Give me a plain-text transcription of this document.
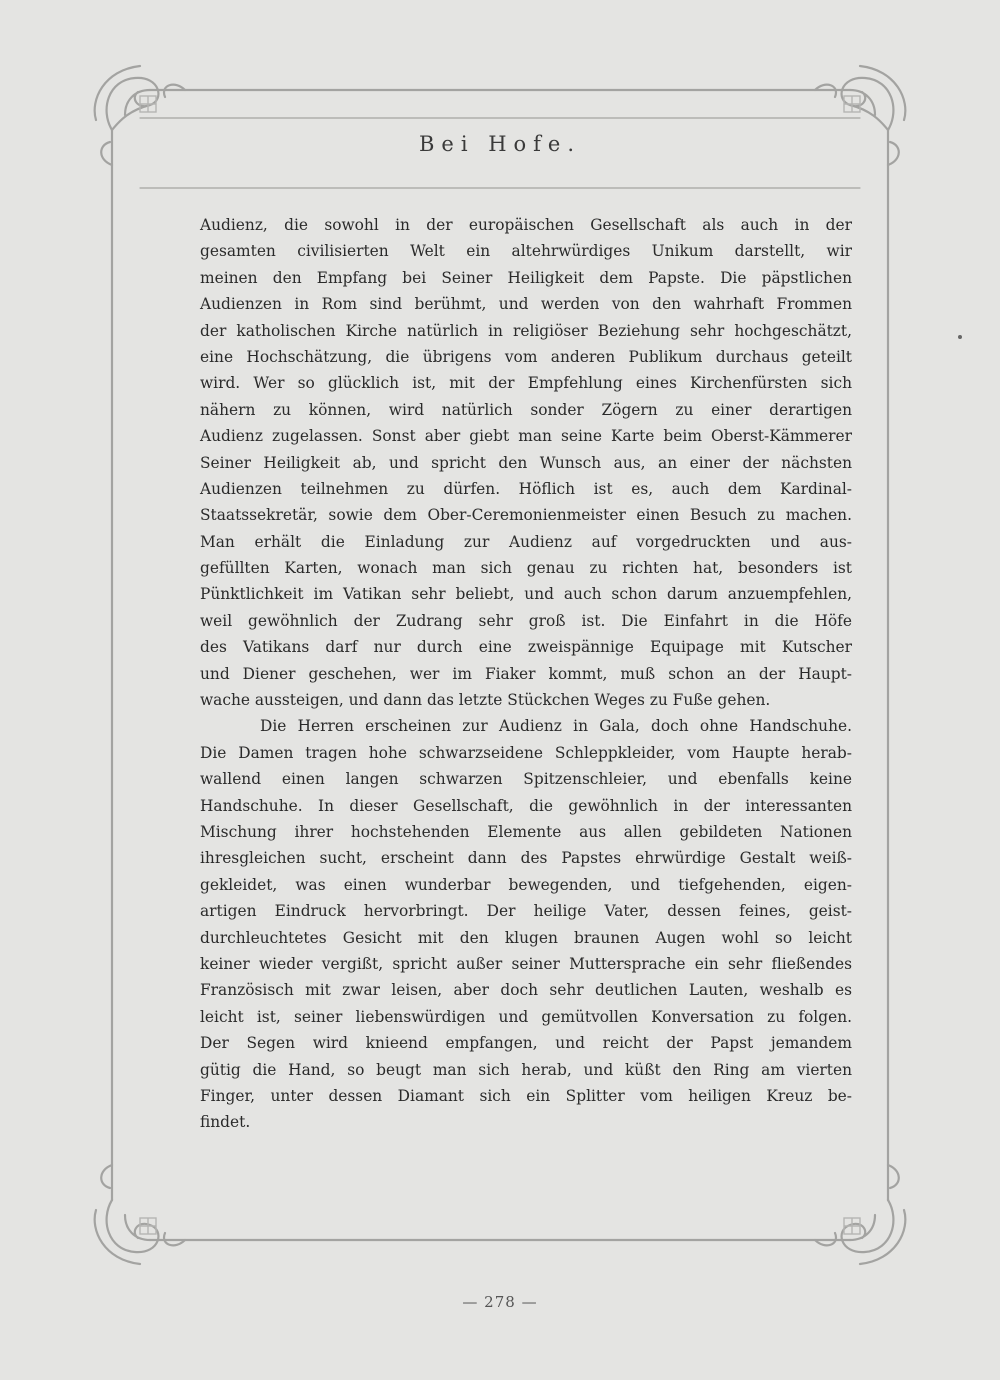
Bei Hofe.
Audienz, die sowohl in der europäischen Gesellschaft als auch in der
gesamten civilisierten Welt ein altehrwürdiges Unikum darstellt, wir
meinen den Empfang bei Seiner Heiligkeit dem Papste. Die päpstlichen
Audienzen in Rom sind berühmt, und werden von den wahrhaft Frommen
der katholischen Kirche natürlich in religiöser Beziehung sehr hochgeschätzt,
eine Hochschätzung, die übrigens vom anderen Publikum durchaus geteilt
wird. Wer so glücklich ist, mit der Empfehlung eines Kirchenfürsten sich
nähern zu können, wird natürlich sonder Zögern zu einer derartigen
Audienz zugelassen. Sonst aber giebt man seine Karte beim Oberst-Kämmerer
Seiner Heiligkeit ab, und spricht den Wunsch aus, an einer der nächsten
Audienzen teilnehmen zu dürfen. Höflich ist es, auch dem Kardinal-
Staatssekretär, sowie dem Ober-Ceremonienmeister einen Besuch zu machen.
Man erhält die Einladung zur Audienz auf vorgedruckten und aus-
gefüllten Karten, wonach man sich genau zu richten hat, besonders ist
Pünktlichkeit im Vatikan sehr beliebt, und auch schon darum anzuempfehlen,
weil gewöhnlich der Zudrang sehr groß ist. Die Einfahrt in die Höfe
des Vatikans darf nur durch eine zweispännige Equipage mit Kutscher
und Diener geschehen, wer im Fiaker kommt, muß schon an der Haupt-
wache aussteigen, und dann das letzte Stückchen Weges zu Fuße gehen.
Die Herren erscheinen zur Audienz in Gala, doch ohne Handschuhe.
Die Damen tragen hohe schwarzseidene Schleppkleider, vom Haupte herab-
wallend einen langen schwarzen Spitzenschleier, und ebenfalls keine
Handschuhe. In dieser Gesellschaft, die gewöhnlich in der interessanten
Mischung ihrer hochstehenden Elemente aus allen gebildeten Nationen
ihresgleichen sucht, erscheint dann des Papstes ehrwürdige Gestalt weiß-
gekleidet, was einen wunderbar bewegenden, und tiefgehenden, eigen-
artigen Eindruck hervorbringt. Der heilige Vater, dessen feines, geist-
durchleuchtetes Gesicht mit den klugen braunen Augen wohl so leicht
keiner wieder vergißt, spricht außer seiner Muttersprache ein sehr fließendes
Französisch mit zwar leisen, aber doch sehr deutlichen Lauten, weshalb es
leicht ist, seiner liebenswürdigen und gemütvollen Konversation zu folgen.
Der Segen wird knieend empfangen, und reicht der Papst jemandem
gütig die Hand, so beugt man sich herab, und küßt den Ring am vierten
Finger, unter dessen Diamant sich ein Splitter vom heiligen Kreuz be-
findet.
— 278 —
